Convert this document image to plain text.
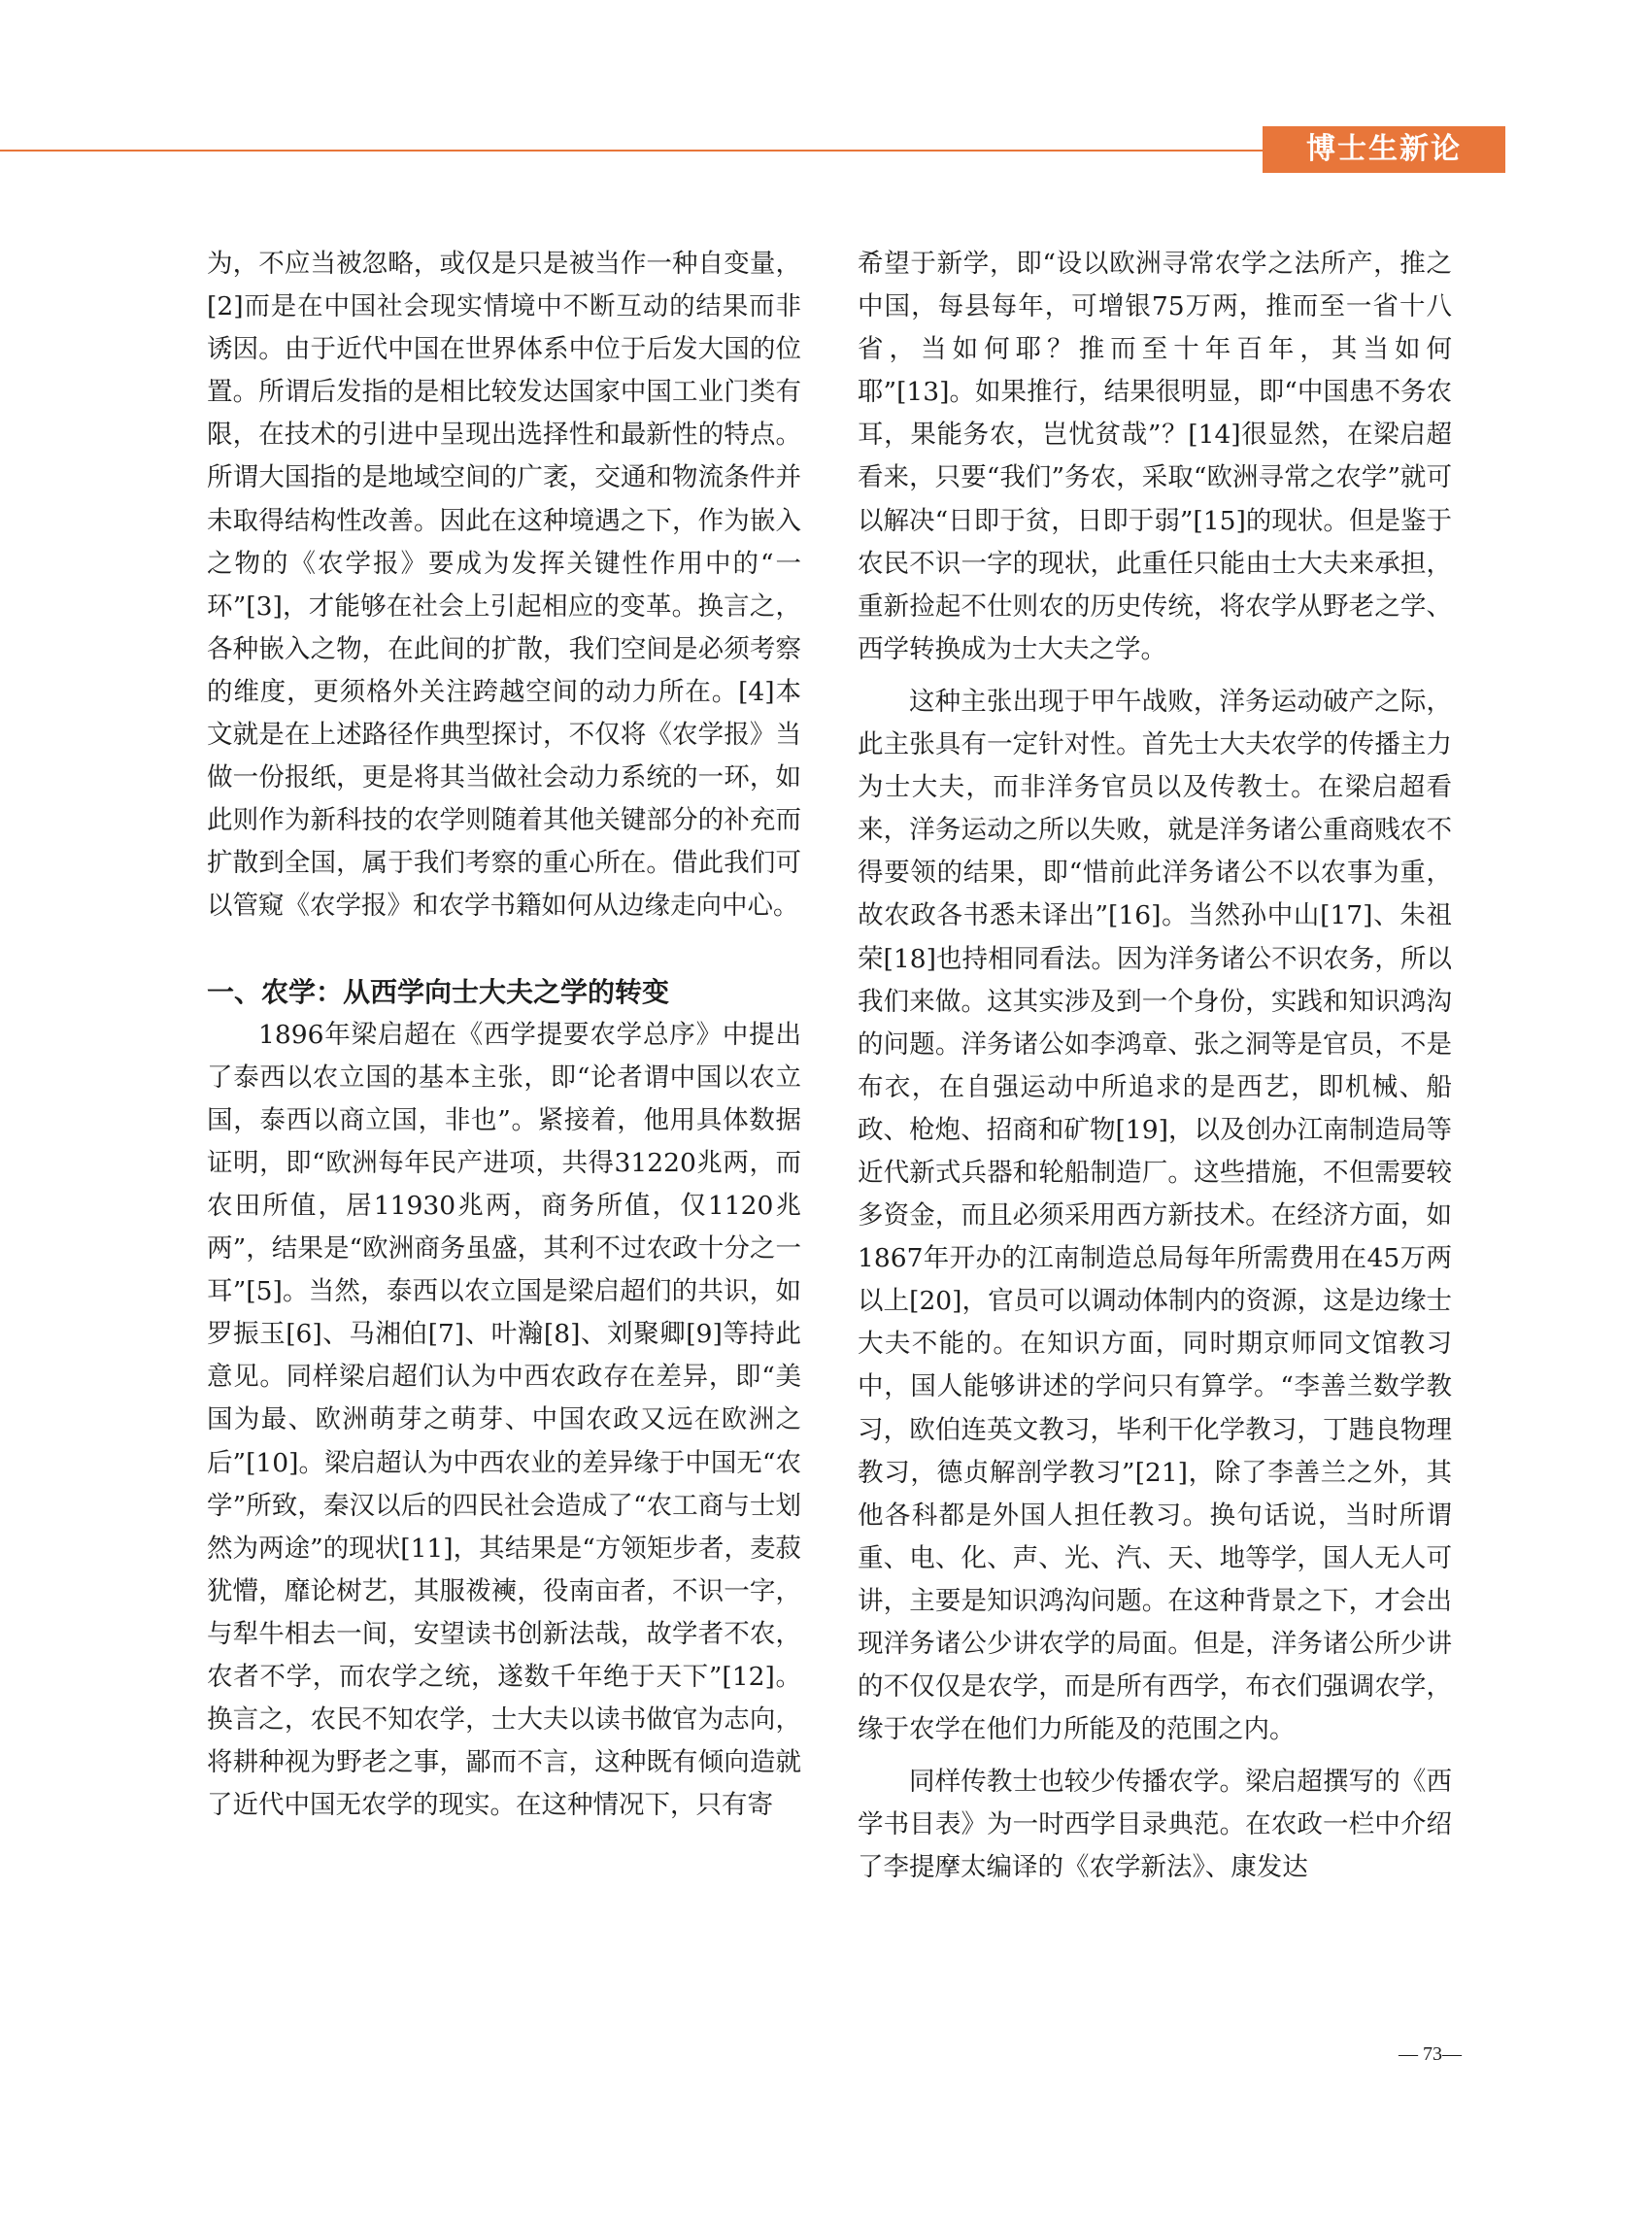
博士生新论

为，不应当被忽略，或仅是只是被当作一种自变量，[2]而是在中国社会现实情境中不断互动的结果而非诱因。由于近代中国在世界体系中位于后发大国的位置。所谓后发指的是相比较发达国家中国工业门类有限，在技术的引进中呈现出选择性和最新性的特点。所谓大国指的是地域空间的广袤，交通和物流条件并未取得结构性改善。因此在这种境遇之下，作为嵌入之物的《农学报》要成为发挥关键性作用中的“一环”[3]，才能够在社会上引起相应的变革。换言之，各种嵌入之物，在此间的扩散，我们空间是必须考察的维度，更须格外关注跨越空间的动力所在。[4]本文就是在上述路径作典型探讨，不仅将《农学报》当做一份报纸，更是将其当做社会动力系统的一环，如此则作为新科技的农学则随着其他关键部分的补充而扩散到全国，属于我们考察的重心所在。借此我们可以管窥《农学报》和农学书籍如何从边缘走向中心。

一、农学：从西学向士大夫之学的转变

1896年梁启超在《西学提要农学总序》中提出了泰西以农立国的基本主张，即“论者谓中国以农立国，泰西以商立国，非也”。紧接着，他用具体数据证明，即“欧洲每年民产进项，共得31220兆两，而农田所值，居11930兆两，商务所值，仅1120兆两”，结果是“欧洲商务虽盛，其利不过农政十分之一耳”[5]。当然，泰西以农立国是梁启超们的共识，如罗振玉[6]、马湘伯[7]、叶瀚[8]、刘聚卿[9]等持此意见。同样梁启超们认为中西农政存在差异，即“美国为最、欧洲萌芽之萌芽、中国农政又远在欧洲之后”[10]。梁启超认为中西农业的差异缘于中国无“农学”所致，秦汉以后的四民社会造成了“农工商与士划然为两途”的现状[11]，其结果是“方领矩步者，麦菽犹懵，靡论树艺，其服袯襫，役南亩者，不识一字，与犁牛相去一间，安望读书创新法哉，故学者不农，农者不学，而农学之统，遂数千年绝于天下”[12]。换言之，农民不知农学，士大夫以读书做官为志向，将耕种视为野老之事，鄙而不言，这种既有倾向造就了近代中国无农学的现实。在这种情况下，只有寄

希望于新学，即“设以欧洲寻常农学之法所产，推之中国，每县每年，可增银75万两，推而至一省十八省，当如何耶？推而至十年百年，其当如何耶”[13]。如果推行，结果很明显，即“中国患不务农耳，果能务农，岂忧贫哉”？[14]很显然，在梁启超看来，只要“我们”务农，采取“欧洲寻常之农学”就可以解决“日即于贫，日即于弱”[15]的现状。但是鉴于农民不识一字的现状，此重任只能由士大夫来承担，重新捡起不仕则农的历史传统，将农学从野老之学、西学转换成为士大夫之学。

这种主张出现于甲午战败，洋务运动破产之际，此主张具有一定针对性。首先士大夫农学的传播主力为士大夫，而非洋务官员以及传教士。在梁启超看来，洋务运动之所以失败，就是洋务诸公重商贱农不得要领的结果，即“惜前此洋务诸公不以农事为重，故农政各书悉未译出”[16]。当然孙中山[17]、朱祖荣[18]也持相同看法。因为洋务诸公不识农务，所以我们来做。这其实涉及到一个身份，实践和知识鸿沟的问题。洋务诸公如李鸿章、张之洞等是官员，不是布衣，在自强运动中所追求的是西艺，即机械、船政、枪炮、招商和矿物[19]，以及创办江南制造局等近代新式兵器和轮船制造厂。这些措施，不但需要较多资金，而且必须采用西方新技术。在经济方面，如1867年开办的江南制造总局每年所需费用在45万两以上[20]，官员可以调动体制内的资源，这是边缘士大夫不能的。在知识方面，同时期京师同文馆教习中，国人能够讲述的学问只有算学。“李善兰数学教习，欧伯连英文教习，毕利干化学教习，丁韪良物理教习，德贞解剖学教习”[21]，除了李善兰之外，其他各科都是外国人担任教习。换句话说，当时所谓重、电、化、声、光、汽、天、地等学，国人无人可讲，主要是知识鸿沟问题。在这种背景之下，才会出现洋务诸公少讲农学的局面。但是，洋务诸公所少讲的不仅仅是农学，而是所有西学，布衣们强调农学，缘于农学在他们力所能及的范围之内。

同样传教士也较少传播农学。梁启超撰写的《西学书目表》为一时西学目录典范。在农政一栏中介绍了李提摩太编译的《农学新法》、康发达

— 73—
